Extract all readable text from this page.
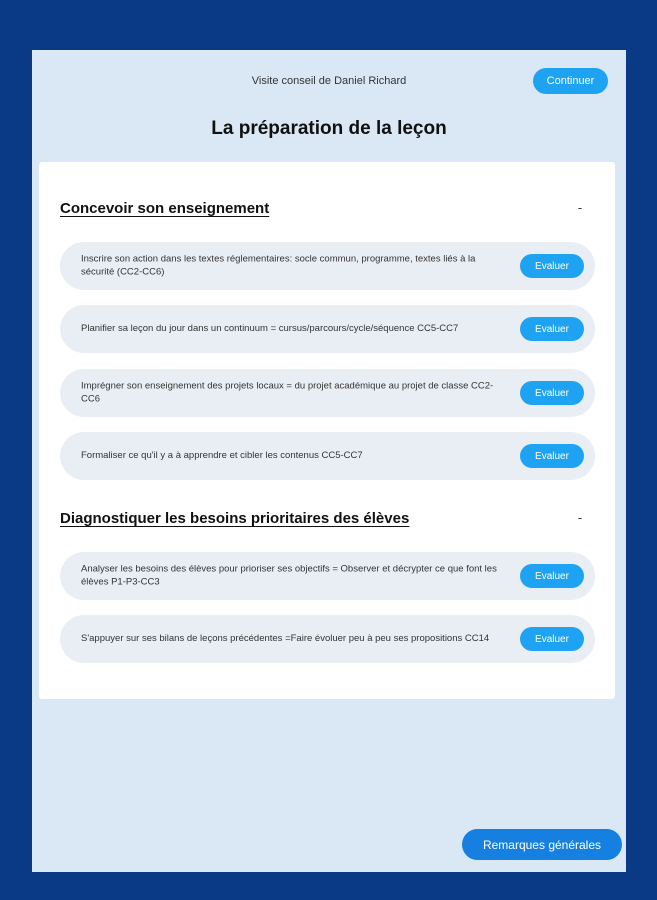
Visite conseil de Daniel Richard	Continuer
La préparation de la leçon
Concevoir son enseignement	-
Inscrire son action dans les textes réglementaires: socle commun, programme, textes liés à la sécurité (CC2-CC6)	Evaluer
Planifier sa leçon du jour dans un continuum = cursus/parcours/cycle/séquence CC5-CC7	Evaluer
Imprégner son enseignement des projets locaux = du projet académique au projet de classe CC2-CC6	Evaluer
Formaliser ce qu'il y a à apprendre et cibler les contenus CC5-CC7	Evaluer
Diagnostiquer les besoins prioritaires des élèves	-
Analyser les besoins des élèves pour prioriser ses objectifs = Observer et décrypter ce que font les élèves P1-P3-CC3	Evaluer
S'appuyer sur ses bilans de leçons précédentes =Faire évoluer peu à peu ses propositions CC14	Evaluer
Remarques générales
